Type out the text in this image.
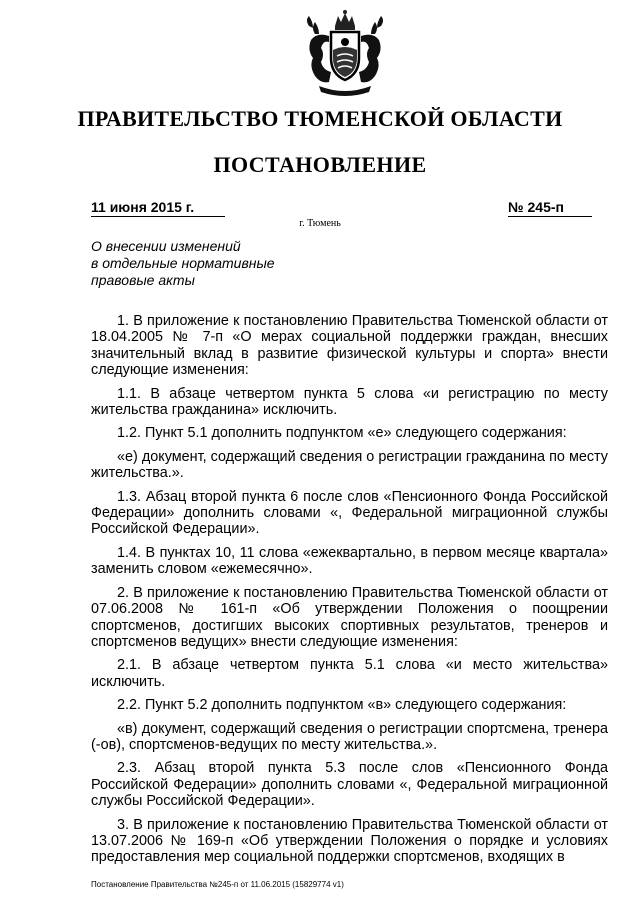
ПРАВИТЕЛЬСТВО ТЮМЕНСКОЙ ОБЛАСТИ
ПОСТАНОВЛЕНИЕ
11 июня 2015 г.	№ 245-п
г. Тюмень
О внесении изменений
в отдельные нормативные
правовые акты

1. В приложение к постановлению Правительства Тюменской области от 18.04.2005 № 7-п «О мерах социальной поддержки граждан, внесших значительный вклад в развитие физической культуры и спорта» внести следующие изменения:

1.1. В абзаце четвертом пункта 5 слова «и регистрацию по месту жительства гражданина» исключить.

1.2. Пункт 5.1 дополнить подпунктом «е» следующего содержания:

«е) документ, содержащий сведения о регистрации гражданина по месту жительства.».

1.3. Абзац второй пункта 6 после слов «Пенсионного Фонда Российской Федерации» дополнить словами «, Федеральной миграционной службы Российской Федерации».

1.4. В пунктах 10, 11 слова «ежеквартально, в первом месяце квартала» заменить словом «ежемесячно».

2. В приложение к постановлению Правительства Тюменской области от 07.06.2008 № 161-п «Об утверждении Положения о поощрении спортсменов, достигших высоких спортивных результатов, тренеров и спортсменов ведущих» внести следующие изменения:

2.1. В абзаце четвертом пункта 5.1 слова «и место жительства» исключить.

2.2. Пункт 5.2 дополнить подпунктом «в» следующего содержания:

«в) документ, содержащий сведения о регистрации спортсмена, тренера (-ов), спортсменов-ведущих по месту жительства.».

2.3. Абзац второй пункта 5.3 после слов «Пенсионного Фонда Российской Федерации» дополнить словами «, Федеральной миграционной службы Российской Федерации».

3. В приложение к постановлению Правительства Тюменской области от 13.07.2006 № 169-п «Об утверждении Положения о порядке и условиях предоставления мер социальной поддержки спортсменов, входящих в

Постановление Правительства №245-п от 11.06.2015 (15829774 v1)
